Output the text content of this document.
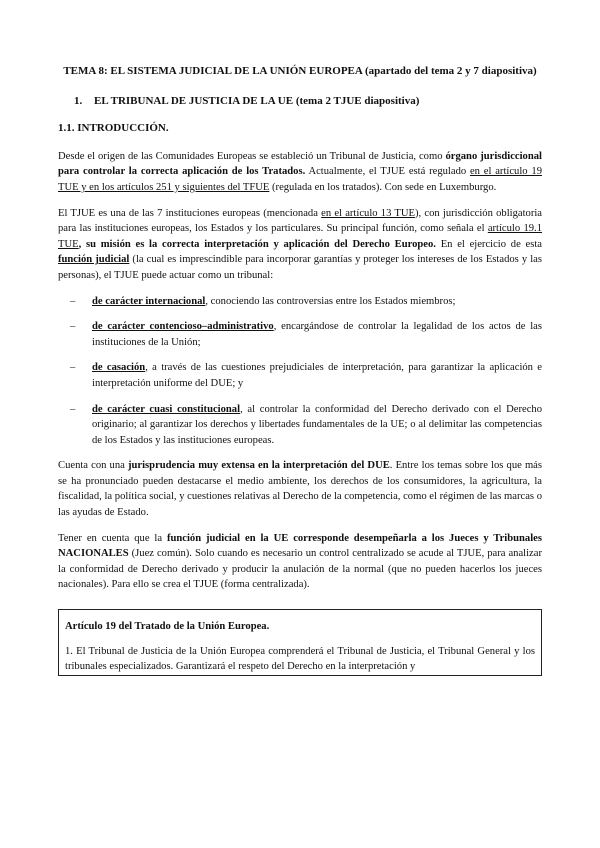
TEMA 8: EL SISTEMA JUDICIAL DE LA UNIÓN EUROPEA (apartado del tema 2 y 7 diapositiva)
1. EL TRIBUNAL DE JUSTICIA DE LA UE (tema 2 TJUE diapositiva)
1.1. INTRODUCCIÓN.

Desde el origen de las Comunidades Europeas se estableció un Tribunal de Justicia, como órgano jurisdiccional para controlar la correcta aplicación de los Tratados. Actualmente, el TJUE está regulado en el artículo 19 TUE y en los artículos 251 y siguientes del TFUE (regulada en los tratados). Con sede en Luxemburgo.

El TJUE es una de las 7 instituciones europeas (mencionada en el artículo 13 TUE), con jurisdicción obligatoria para las instituciones europeas, los Estados y los particulares. Su principal función, como señala el artículo 19.1 TUE, su misión es la correcta interpretación y aplicación del Derecho Europeo. En el ejercicio de esta función judicial (la cual es imprescindible para incorporar garantías y proteger los intereses de los Estados y las personas), el TJUE puede actuar como un tribunal:

– de carácter internacional, conociendo las controversias entre los Estados miembros;
– de carácter contencioso–administrativo, encargándose de controlar la legalidad de los actos de las instituciones de la Unión;
– de casación, a través de las cuestiones prejudiciales de interpretación, para garantizar la aplicación e interpretación uniforme del DUE; y
– de carácter cuasi constitucional, al controlar la conformidad del Derecho derivado con el Derecho originario; al garantizar los derechos y libertades fundamentales de la UE; o al delimitar las competencias de los Estados y las instituciones europeas.

Cuenta con una jurisprudencia muy extensa en la interpretación del DUE. Entre los temas sobre los que más se ha pronunciado pueden destacarse el medio ambiente, los derechos de los consumidores, la agricultura, la fiscalidad, la política social, y cuestiones relativas al Derecho de la competencia, como el régimen de las marcas o las ayudas de Estado.

Tener en cuenta que la función judicial en la UE corresponde desempeñarla a los Jueces y Tribunales NACIONALES (Juez común). Solo cuando es necesario un control centralizado se acude al TJUE, para analizar la conformidad de Derecho derivado y producir la anulación de la normal (que no pueden hacerlos los jueces nacionales). Para ello se crea el TJUE (forma centralizada).

Artículo 19 del Tratado de la Unión Europea.

1. El Tribunal de Justicia de la Unión Europea comprenderá el Tribunal de Justicia, el Tribunal General y los tribunales especializados. Garantizará el respeto del Derecho en la interpretación y
